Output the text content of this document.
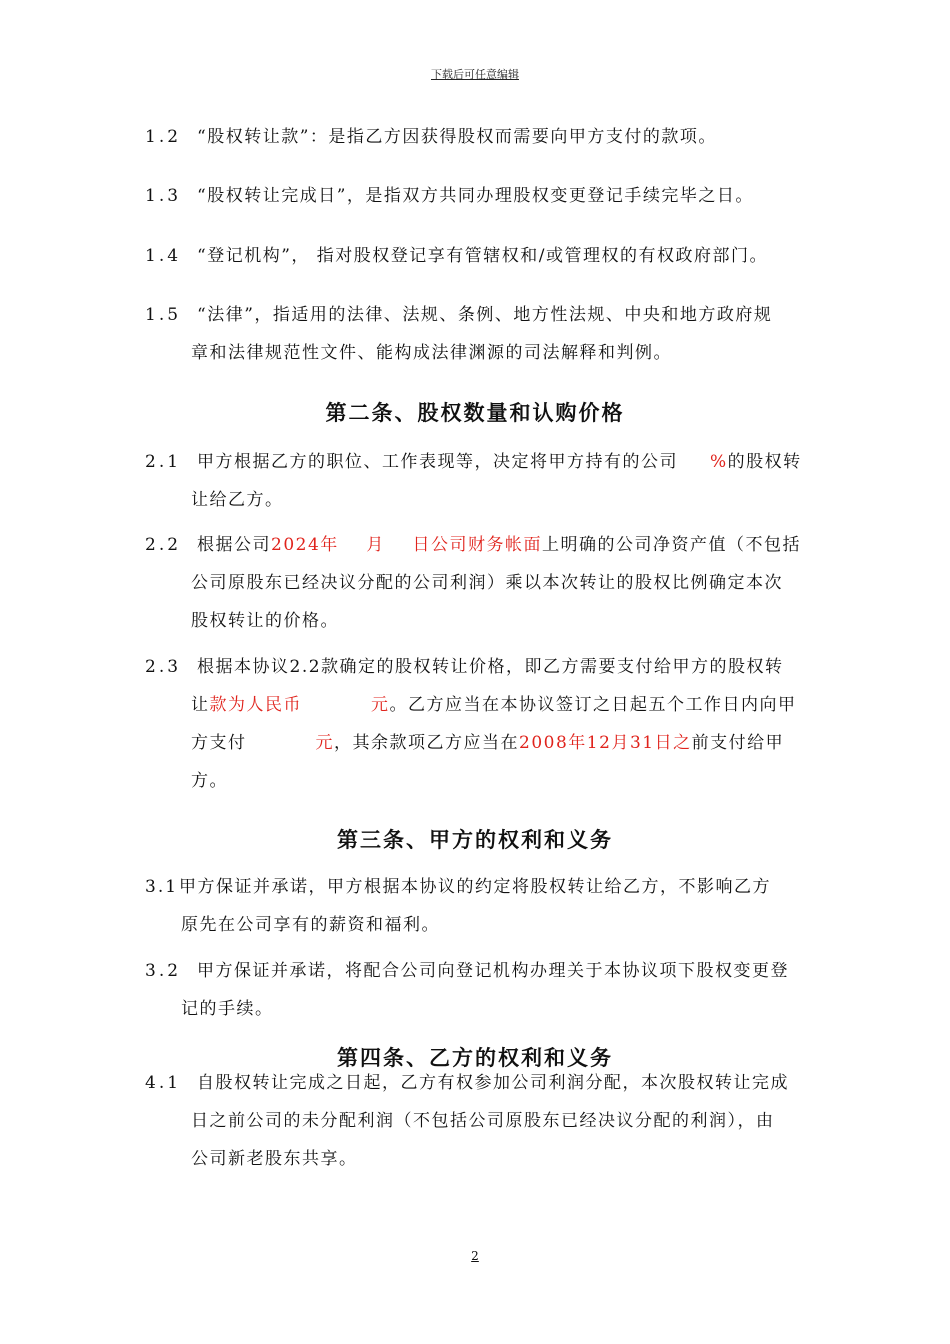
下载后可任意编辑
1.2 “股权转让款”：是指乙方因获得股权而需要向甲方支付的款项。
1.3 “股权转让完成日”，是指双方共同办理股权变更登记手续完毕之日。
1.4 “登记机构”， 指对股权登记享有管辖权和/或管理权的有权政府部门。
1.5 “法律”，指适用的法律、法规、条例、地方性法规、中央和地方政府规
章和法律规范性文件、能构成法律渊源的司法解释和判例。
第二条、股权数量和认购价格
2.1 甲方根据乙方的职位、工作表现等，决定将甲方持有的公司 %的股权转
让给乙方。
2.2 根据公司2024年    月    日公司财务帐面上明确的公司净资产值（不包括
公司原股东已经决议分配的公司利润）乘以本次转让的股权比例确定本次
股权转让的价格。
2.3 根据本协议2.2款确定的股权转让价格，即乙方需要支付给甲方的股权转
让款为人民币          元。乙方应当在本协议签订之日起五个工作日内向甲
方支付          元，其余款项乙方应当在2008年12月31日之前支付给甲
方。
第三条、甲方的权利和义务
3.1甲方保证并承诺，甲方根据本协议的约定将股权转让给乙方，不影响乙方
原先在公司享有的薪资和福利。
3.2 甲方保证并承诺，将配合公司向登记机构办理关于本协议项下股权变更登
记的手续。
第四条、乙方的权利和义务
4.1 自股权转让完成之日起，乙方有权参加公司利润分配，本次股权转让完成
日之前公司的未分配利润（不包括公司原股东已经决议分配的利润），由
公司新老股东共享。
2
